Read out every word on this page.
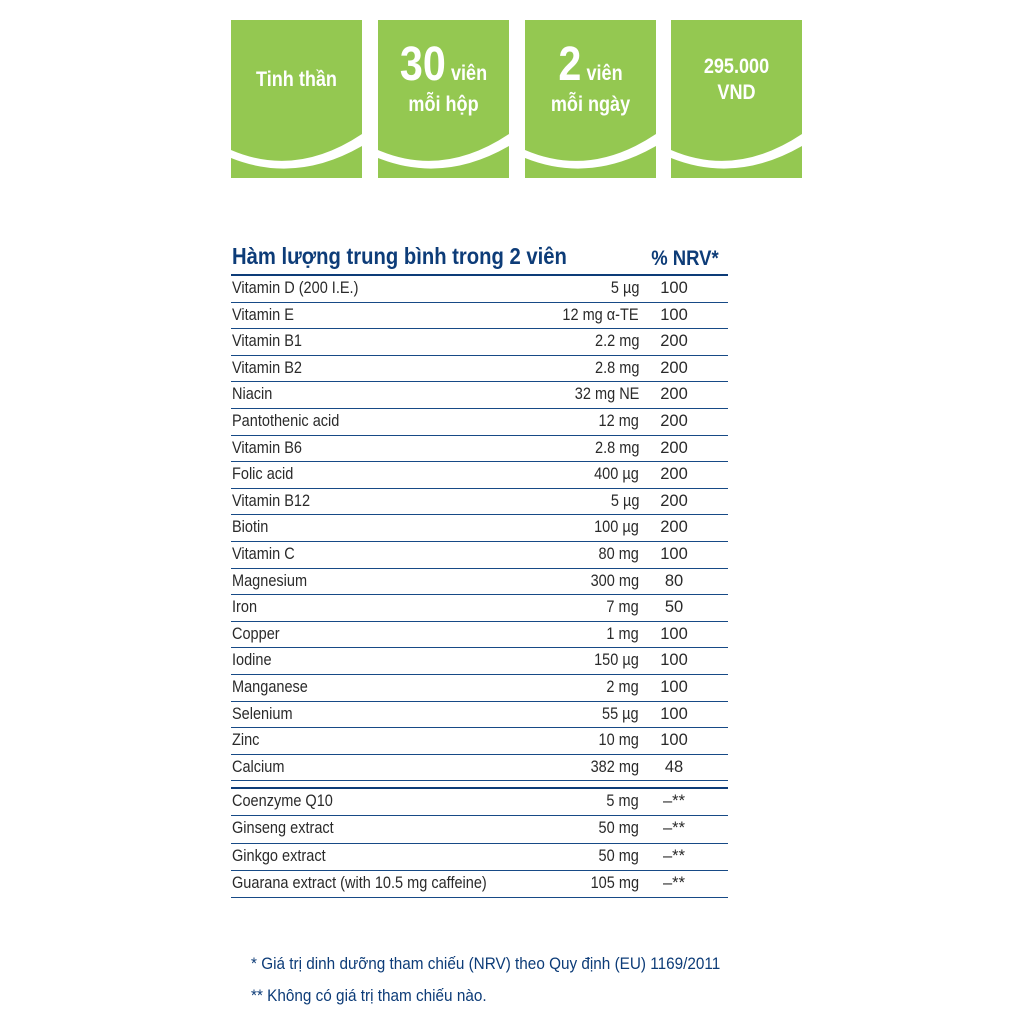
Tinh thần 30 viên
mỗi hộp
2 viên
mỗi ngày
295.000
VND
Hàm lượng trung bình trong 2 viên	% NRV*
Vitamin D (200 I.E.)	5 µg	100
Vitamin E	12 mg α-TE	100
Vitamin B1	2.2 mg	200
Vitamin B2	2.8 mg	200
Niacin	32 mg NE	200
Pantothenic acid	12 mg	200
Vitamin B6	2.8 mg	200
Folic acid	400 µg	200
Vitamin B12	5 µg	200
Biotin	100 µg	200
Vitamin C	80 mg	100
Magnesium	300 mg	80
Iron	7 mg	50
Copper	1 mg	100
Iodine	150 µg	100
Manganese	2 mg	100
Selenium	55 µg	100
Zinc	10 mg	100
Calcium	382 mg	48
Coenzyme Q10	5 mg	–**
Ginseng extract	50 mg	–**
Ginkgo extract	50 mg	–**
Guarana extract (with 10.5 mg caffeine)	105 mg	–**
* Giá trị dinh dưỡng tham chiếu (NRV) theo Quy định (EU) 1169/2011
** Không có giá trị tham chiếu nào.
